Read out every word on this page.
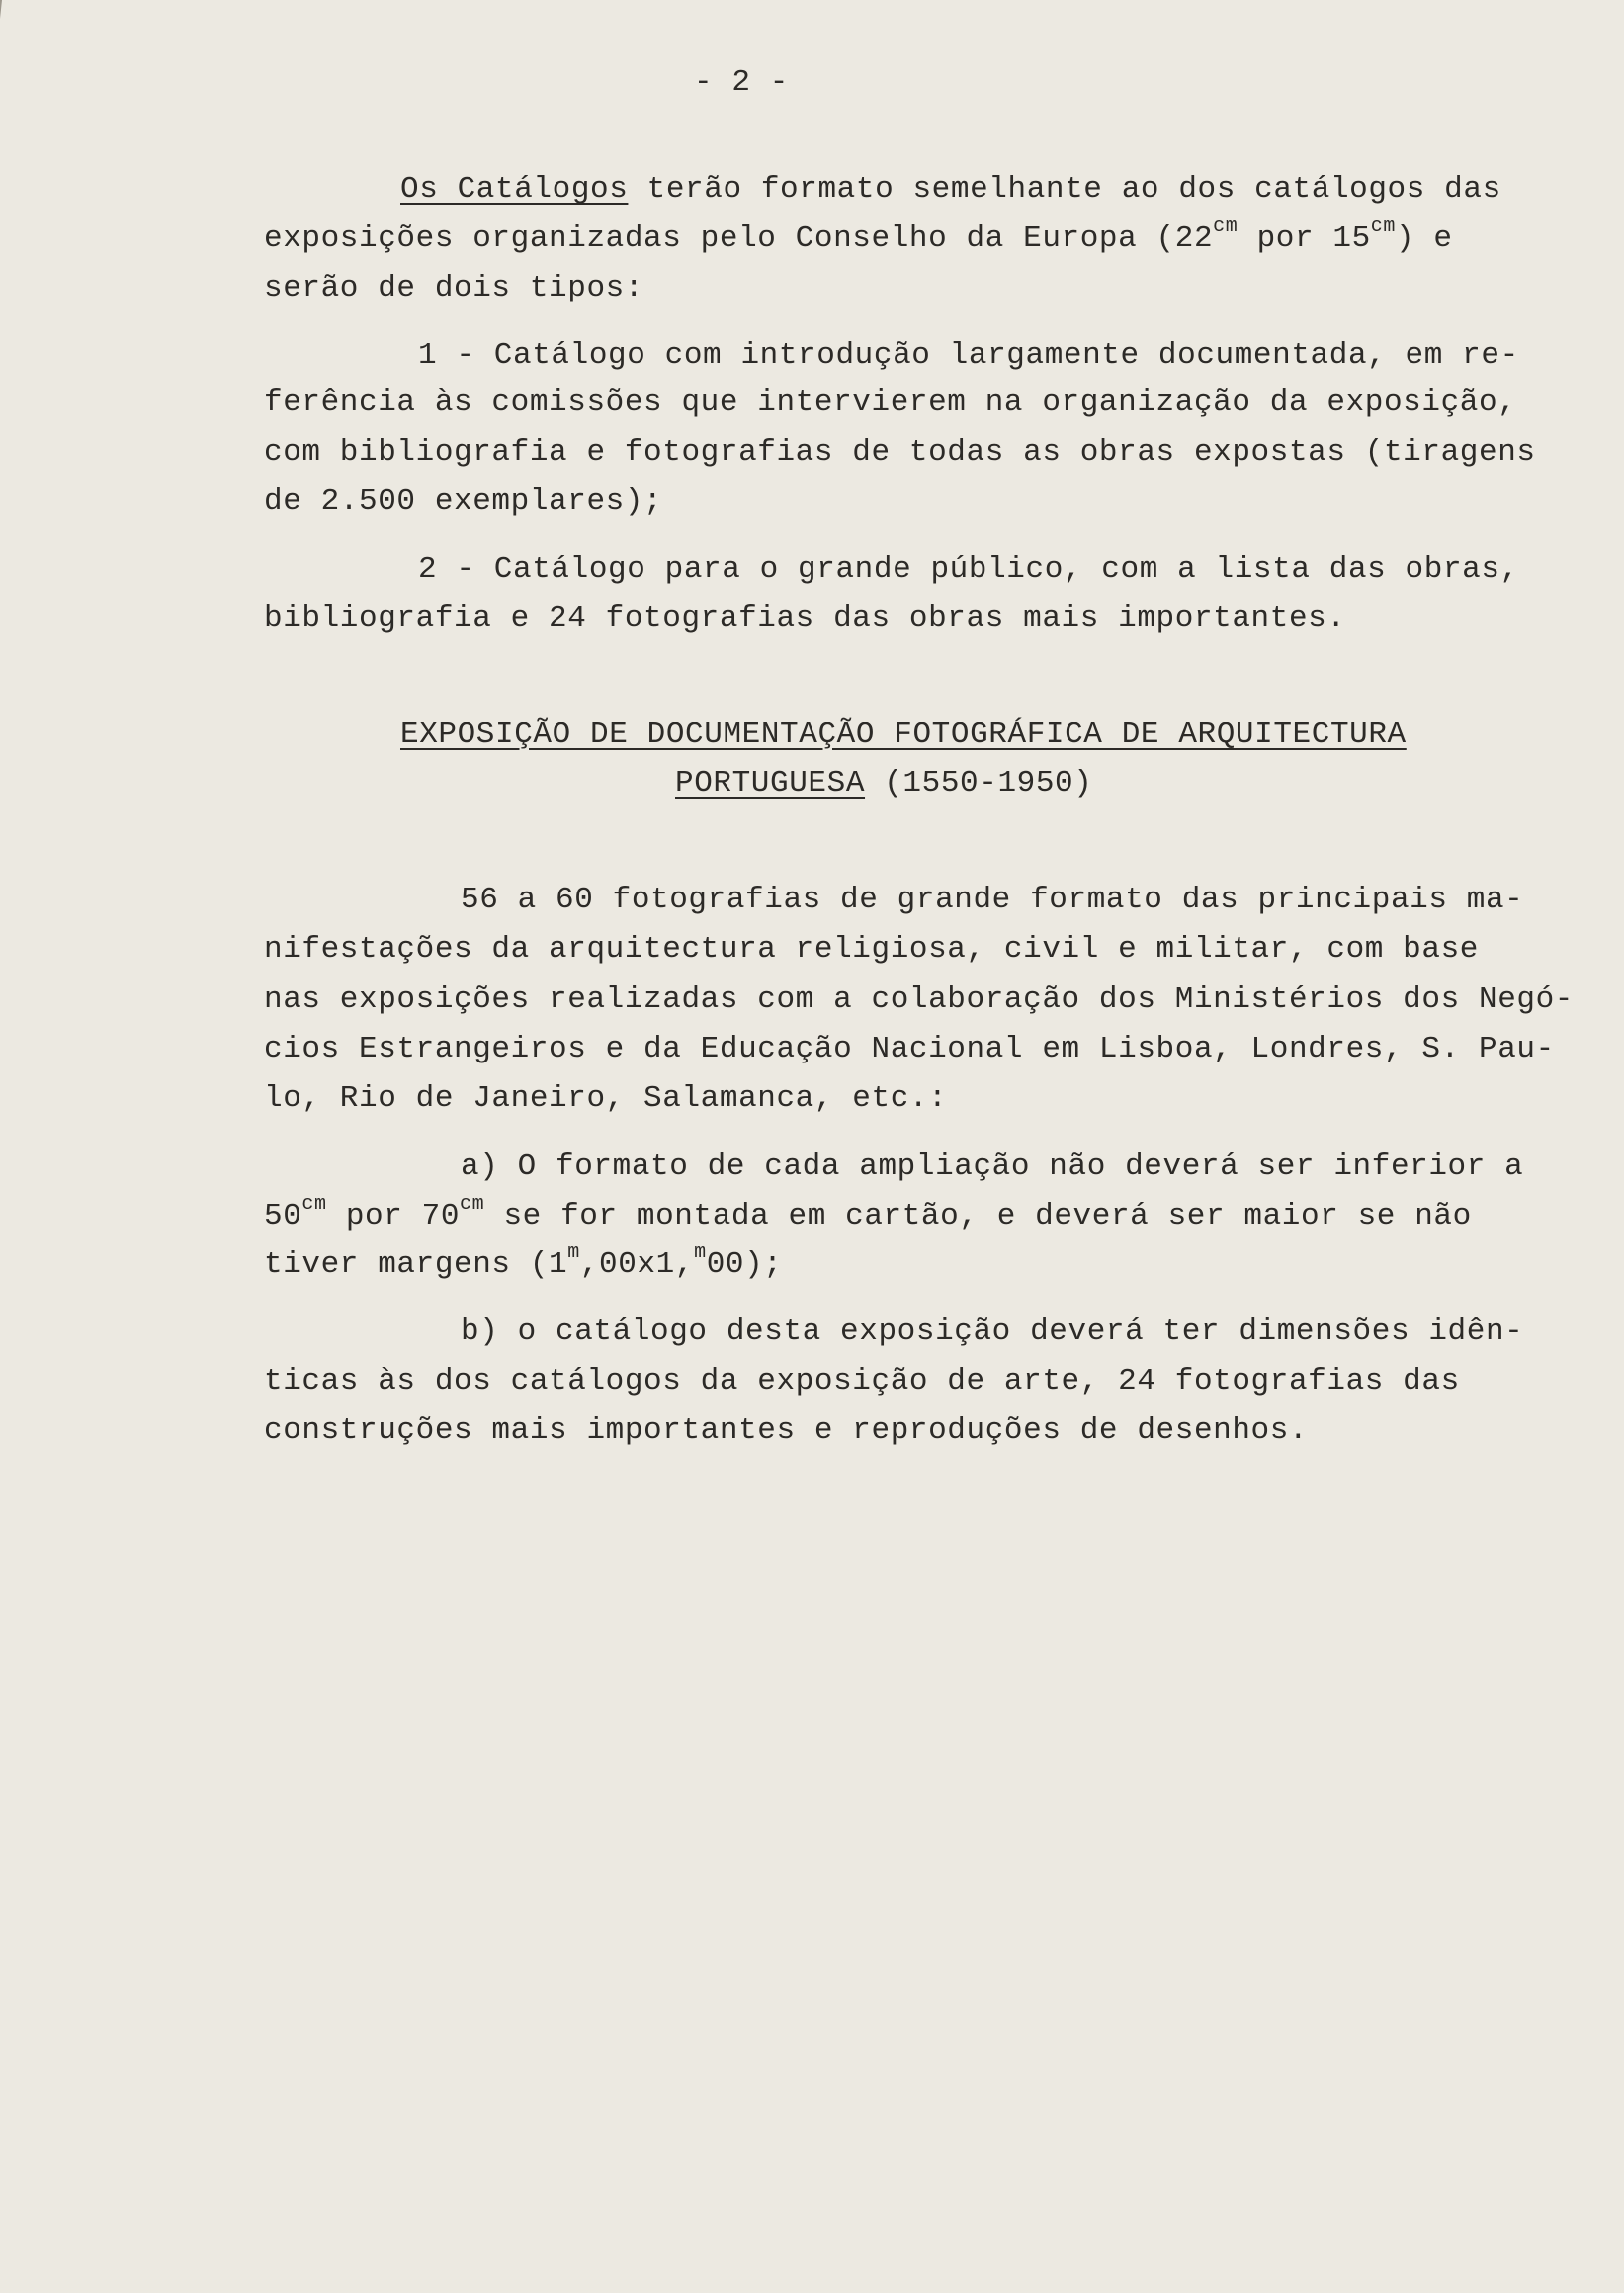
- 2 -
Os Catálogos terão formato semelhante ao dos catálogos das
exposições organizadas pelo Conselho da Europa ($22^{cm}$ por $15^{cm}$) e
serão de dois tipos:
1 - Catálogo com introdução largamente documentada, em re-
ferência às comissões que intervierem na organização da exposição,
com bibliografia e fotografias de todas as obras expostas (tiragens
de 2.500 exemplares);
2 - Catálogo para o grande público, com a lista das obras,
bibliografia e 24 fotografias das obras mais importantes.
EXPOSIÇÃO DE DOCUMENTAÇÃO FOTOGRÁFICA DE ARQUITECTURA
PORTUGUESA (1550-1950)
56 a 60 fotografias de grande formato das principais ma-
nifestações da arquitectura religiosa, civil e militar, com base
nas exposições realizadas com a colaboração dos Ministérios dos Negó-
cios Estrangeiros e da Educação Nacional em Lisboa, Londres, S. Pau-
lo, Rio de Janeiro, Salamanca, etc.:
a) O formato de cada ampliação não deverá ser inferior a
$50^{cm}$ por $70^{cm}$ se for montada em cartão, e deverá ser maior se não
tiver margens (1$^m$,00x1,$^m$00);
b) o catálogo desta exposição deverá ter dimensões idên-
ticas às dos catálogos da exposição de arte, 24 fotografias das
construções mais importantes e reproduções de desenhos.
